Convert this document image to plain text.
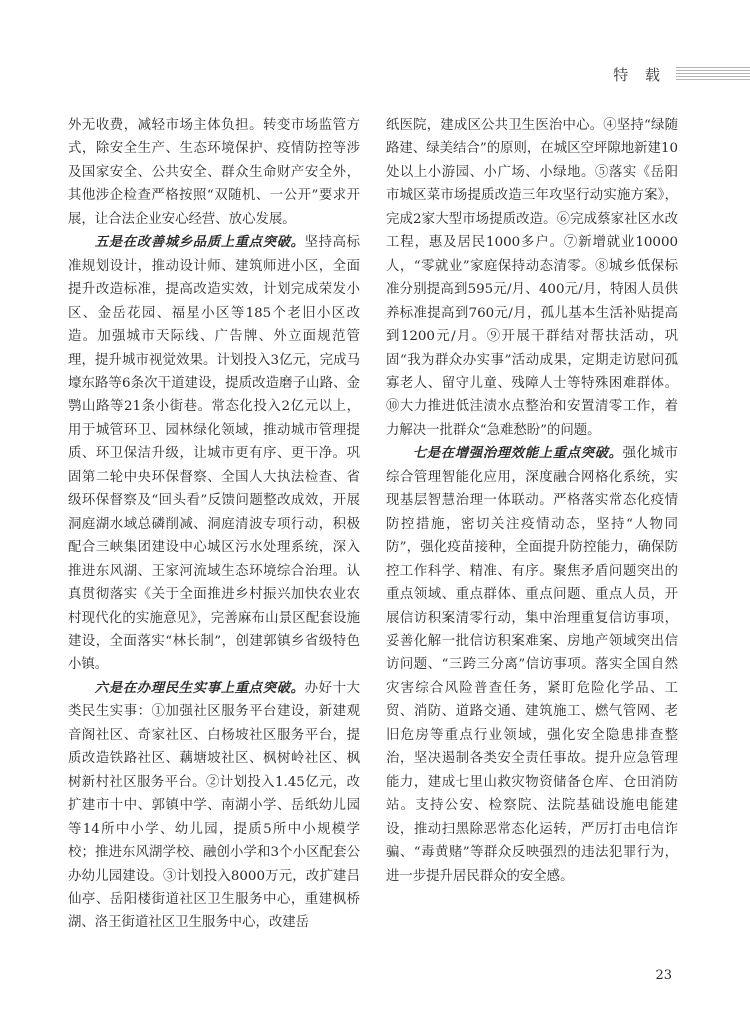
特 载

外无收费，减轻市场主体负担。转变市场监管方式，除安全生产、生态环境保护、疫情防控等涉及国家安全、公共安全、群众生命财产安全外，其他涉企检查严格按照“双随机、一公开”要求开展，让合法企业安心经营、放心发展。

五是在改善城乡品质上重点突破。坚持高标准规划设计，推动设计师、建筑师进小区，全面提升改造标准，提高改造实效，计划完成荣发小区、金岳花园、福星小区等185个老旧小区改造。加强城市天际线、广告牌、外立面规范管理，提升城市视觉效果。计划投入3亿元，完成马壕东路等6条次干道建设，提质改造磨子山路、金鹗山路等21条小街巷。常态化投入2亿元以上，用于城管环卫、园林绿化领域，推动城市管理提质、环卫保洁升级，让城市更有序、更干净。巩固第二轮中央环保督察、全国人大执法检查、省级环保督察及“回头看”反馈问题整改成效，开展洞庭湖水域总磷削减、洞庭清波专项行动，积极配合三峡集团建设中心城区污水处理系统，深入推进东风湖、王家河流域生态环境综合治理。认真贯彻落实《关于全面推进乡村振兴加快农业农村现代化的实施意见》，完善麻布山景区配套设施建设，全面落实“林长制”，创建郭镇乡省级特色小镇。

六是在办理民生实事上重点突破。办好十大类民生实事：①加强社区服务平台建设，新建观音阁社区、奇家社区、白杨坡社区服务平台，提质改造铁路社区、藕塘坡社区、枫树岭社区、枫树新村社区服务平台。②计划投入1.45亿元，改扩建市十中、郭镇中学、南湖小学、岳纸幼儿园等14所中小学、幼儿园，提质5所中小规模学校；推进东风湖学校、融创小学和3个小区配套公办幼儿园建设。③计划投入8000万元，改扩建吕仙亭、岳阳楼街道社区卫生服务中心，重建枫桥湖、洛王街道社区卫生服务中心，改建岳

纸医院，建成区公共卫生医治中心。④坚持“绿随路建、绿美结合”的原则，在城区空坪隙地新建10处以上小游园、小广场、小绿地。⑤落实《岳阳市城区菜市场提质改造三年攻坚行动实施方案》，完成2家大型市场提质改造。⑥完成蔡家社区水改工程，惠及居民1000多户。⑦新增就业10000人，“零就业”家庭保持动态清零。⑧城乡低保标准分别提高到595元/月、400元/月，特困人员供养标准提高到760元/月，孤儿基本生活补贴提高到1200元/月。⑨开展干群结对帮扶活动，巩固“我为群众办实事”活动成果，定期走访慰问孤寡老人、留守儿童、残障人士等特殊困难群体。⑩大力推进低洼渍水点整治和安置清零工作，着力解决一批群众“急难愁盼”的问题。

七是在增强治理效能上重点突破。强化城市综合管理智能化应用，深度融合网格化系统，实现基层智慧治理一体联动。严格落实常态化疫情防控措施，密切关注疫情动态，坚持“人物同防”，强化疫苗接种，全面提升防控能力，确保防控工作科学、精准、有序。聚焦矛盾问题突出的重点领域、重点群体、重点问题、重点人员，开展信访积案清零行动，集中治理重复信访事项，妥善化解一批信访积案难案、房地产领域突出信访问题、“三跨三分离”信访事项。落实全国自然灾害综合风险普查任务，紧盯危险化学品、工贸、消防、道路交通、建筑施工、燃气管网、老旧危房等重点行业领域，强化安全隐患排查整治，坚决遏制各类安全责任事故。提升应急管理能力，建成七里山救灾物资储备仓库、仓田消防站。支持公安、检察院、法院基础设施电能建设，推动扫黑除恶常态化运转，严厉打击电信诈骗、“毒黄赌”等群众反映强烈的违法犯罪行为，进一步提升居民群众的安全感。

23
